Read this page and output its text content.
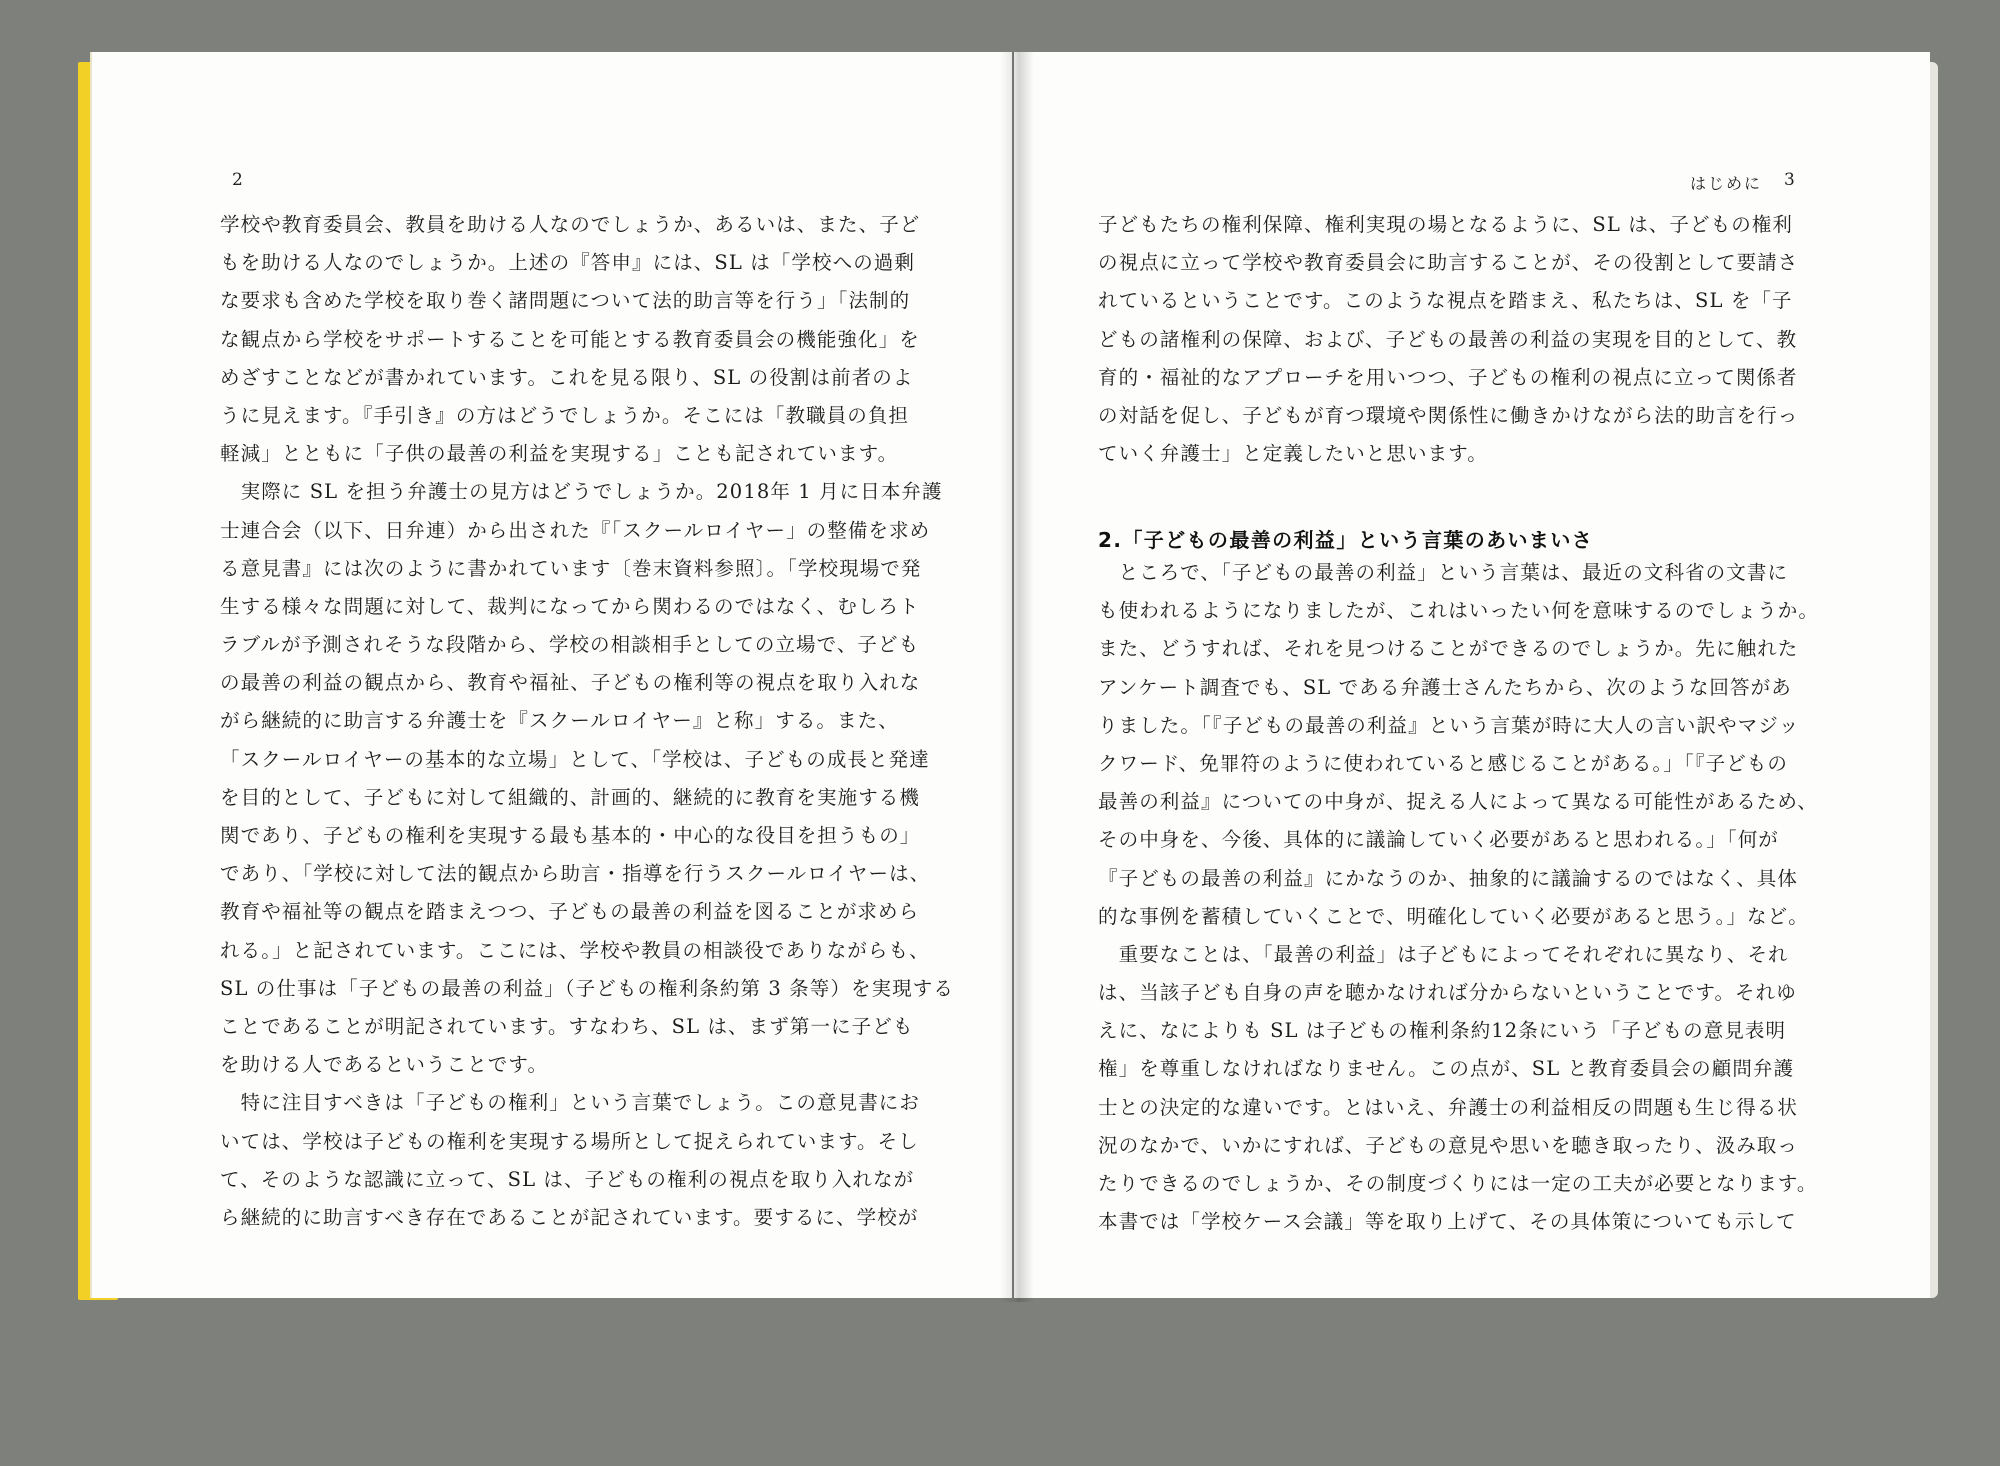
2
学校や教育委員会、教員を助ける人なのでしょうか、あるいは、また、子ど
もを助ける人なのでしょうか。上述の『答申』には、SL は「学校への過剰
な要求も含めた学校を取り巻く諸問題について法的助言等を行う」「法制的
な観点から学校をサポートすることを可能とする教育委員会の機能強化」を
めざすことなどが書かれています。これを見る限り、SL の役割は前者のよ
うに見えます。『手引き』の方はどうでしょうか。そこには「教職員の負担
軽減」とともに「子供の最善の利益を実現する」ことも記されています。
　実際に SL を担う弁護士の見方はどうでしょうか。2018年 1 月に日本弁護
士連合会（以下、日弁連）から出された『「スクールロイヤー」の整備を求め
る意見書』には次のように書かれています〔巻末資料参照〕。「学校現場で発
生する様々な問題に対して、裁判になってから関わるのではなく、むしろト
ラブルが予測されそうな段階から、学校の相談相手としての立場で、子ども
の最善の利益の観点から、教育や福祉、子どもの権利等の視点を取り入れな
がら継続的に助言する弁護士を『スクールロイヤー』と称」する。また、
「スクールロイヤーの基本的な立場」として、「学校は、子どもの成長と発達
を目的として、子どもに対して組織的、計画的、継続的に教育を実施する機
関であり、子どもの権利を実現する最も基本的・中心的な役目を担うもの」
であり、「学校に対して法的観点から助言・指導を行うスクールロイヤーは、
教育や福祉等の観点を踏まえつつ、子どもの最善の利益を図ることが求めら
れる。」と記されています。ここには、学校や教員の相談役でありながらも、
SL の仕事は「子どもの最善の利益」（子どもの権利条約第 3 条等）を実現する
ことであることが明記されています。すなわち、SL は、まず第一に子ども
を助ける人であるということです。
　特に注目すべきは「子どもの権利」という言葉でしょう。この意見書にお
いては、学校は子どもの権利を実現する場所として捉えられています。そし
て、そのような認識に立って、SL は、子どもの権利の視点を取り入れなが
ら継続的に助言すべき存在であることが記されています。要するに、学校が
はじめに 3
子どもたちの権利保障、権利実現の場となるように、SL は、子どもの権利
の視点に立って学校や教育委員会に助言することが、その役割として要請さ
れているということです。このような視点を踏まえ、私たちは、SL を「子
どもの諸権利の保障、および、子どもの最善の利益の実現を目的として、教
育的・福祉的なアプローチを用いつつ、子どもの権利の視点に立って関係者
の対話を促し、子どもが育つ環境や関係性に働きかけながら法的助言を行っ
ていく弁護士」と定義したいと思います。
2.「子どもの最善の利益」という言葉のあいまいさ
　ところで、「子どもの最善の利益」という言葉は、最近の文科省の文書に
も使われるようになりましたが、これはいったい何を意味するのでしょうか。
また、どうすれば、それを見つけることができるのでしょうか。先に触れた
アンケート調査でも、SL である弁護士さんたちから、次のような回答があ
りました。「『子どもの最善の利益』という言葉が時に大人の言い訳やマジッ
クワード、免罪符のように使われていると感じることがある。」「『子どもの
最善の利益』についての中身が、捉える人によって異なる可能性があるため、
その中身を、今後、具体的に議論していく必要があると思われる。」「何が
『子どもの最善の利益』にかなうのか、抽象的に議論するのではなく、具体
的な事例を蓄積していくことで、明確化していく必要があると思う。」など。
　重要なことは、「最善の利益」は子どもによってそれぞれに異なり、それ
は、当該子ども自身の声を聴かなければ分からないということです。それゆ
えに、なによりも SL は子どもの権利条約12条にいう「子どもの意見表明
権」を尊重しなければなりません。この点が、SL と教育委員会の顧問弁護
士との決定的な違いです。とはいえ、弁護士の利益相反の問題も生じ得る状
況のなかで、いかにすれば、子どもの意見や思いを聴き取ったり、汲み取っ
たりできるのでしょうか、その制度づくりには一定の工夫が必要となります。
本書では「学校ケース会議」等を取り上げて、その具体策についても示して
